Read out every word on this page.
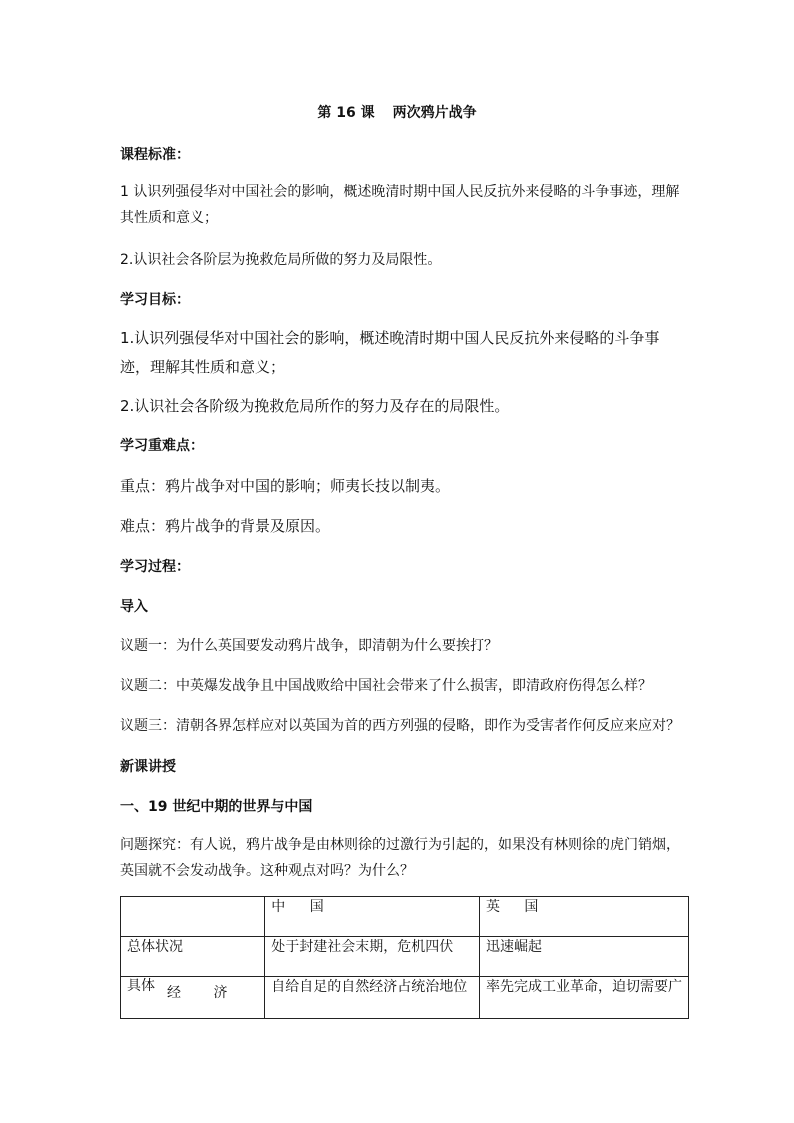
第 16 课 两次鸦片战争
课程标准：
1 认识列强侵华对中国社会的影响，概述晚清时期中国人民反抗外来侵略的斗争事迹，理解其性质和意义；
2.认识社会各阶层为挽救危局所做的努力及局限性。
学习目标：
1.认识列强侵华对中国社会的影响，概述晚清时期中国人民反抗外来侵略的斗争事迹，理解其性质和意义；
2.认识社会各阶级为挽救危局所作的努力及存在的局限性。
学习重难点：
重点：鸦片战争对中国的影响；师夷长技以制夷。
难点：鸦片战争的背景及原因。
学习过程：
导入
议题一：为什么英国要发动鸦片战争，即清朝为什么要挨打？
议题二：中英爆发战争且中国战败给中国社会带来了什么损害，即清政府伤得怎么样？
议题三：清朝各界怎样应对以英国为首的西方列强的侵略，即作为受害者作何反应来应对？
新课讲授
一、19 世纪中期的世界与中国
问题探究：有人说，鸦片战争是由林则徐的过激行为引起的，如果没有林则徐的虎门销烟，英国就不会发动战争。这种观点对吗？为什么？
	中 国	英 国
总体状况	处于封建社会末期，危机四伏	迅速崛起

具体 经 济	自给自足的自然经济占统治地位	率先完成工业革命，迫切需要广
